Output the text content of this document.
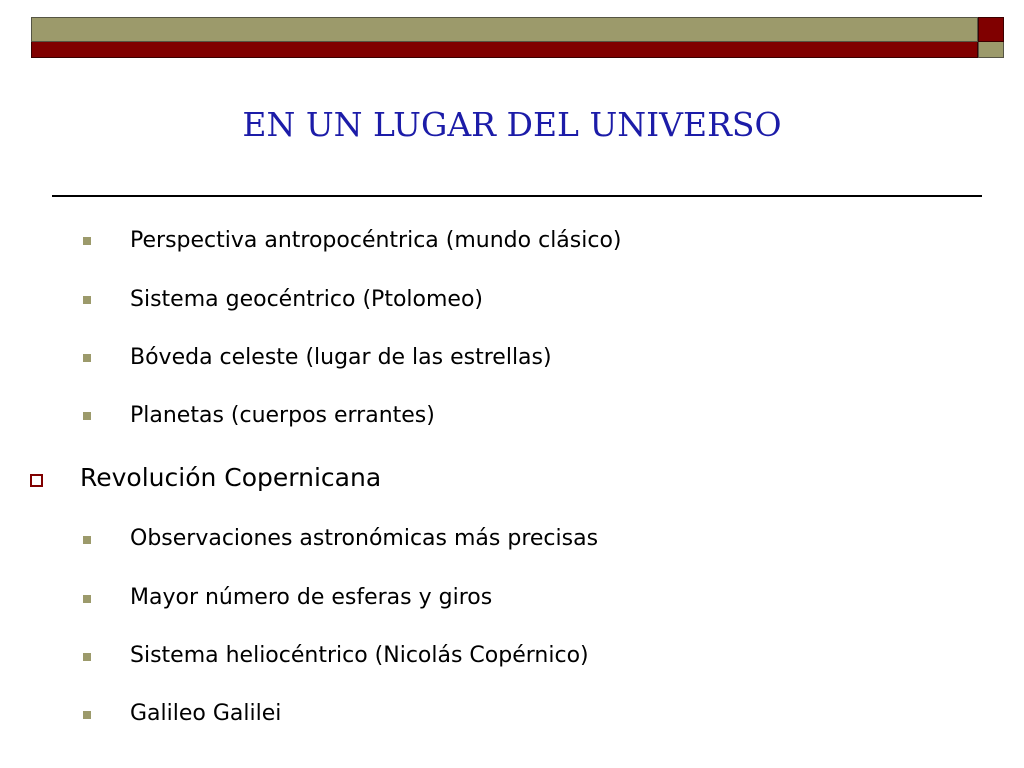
EN UN LUGAR DEL UNIVERSO
Perspectiva antropocéntrica (mundo clásico)
Sistema geocéntrico (Ptolomeo)
Bóveda celeste (lugar de las estrellas)
Planetas (cuerpos errantes)
Revolución Copernicana
Observaciones astronómicas más precisas
Mayor número de esferas y giros
Sistema heliocéntrico (Nicolás Copérnico)
Galileo Galilei
